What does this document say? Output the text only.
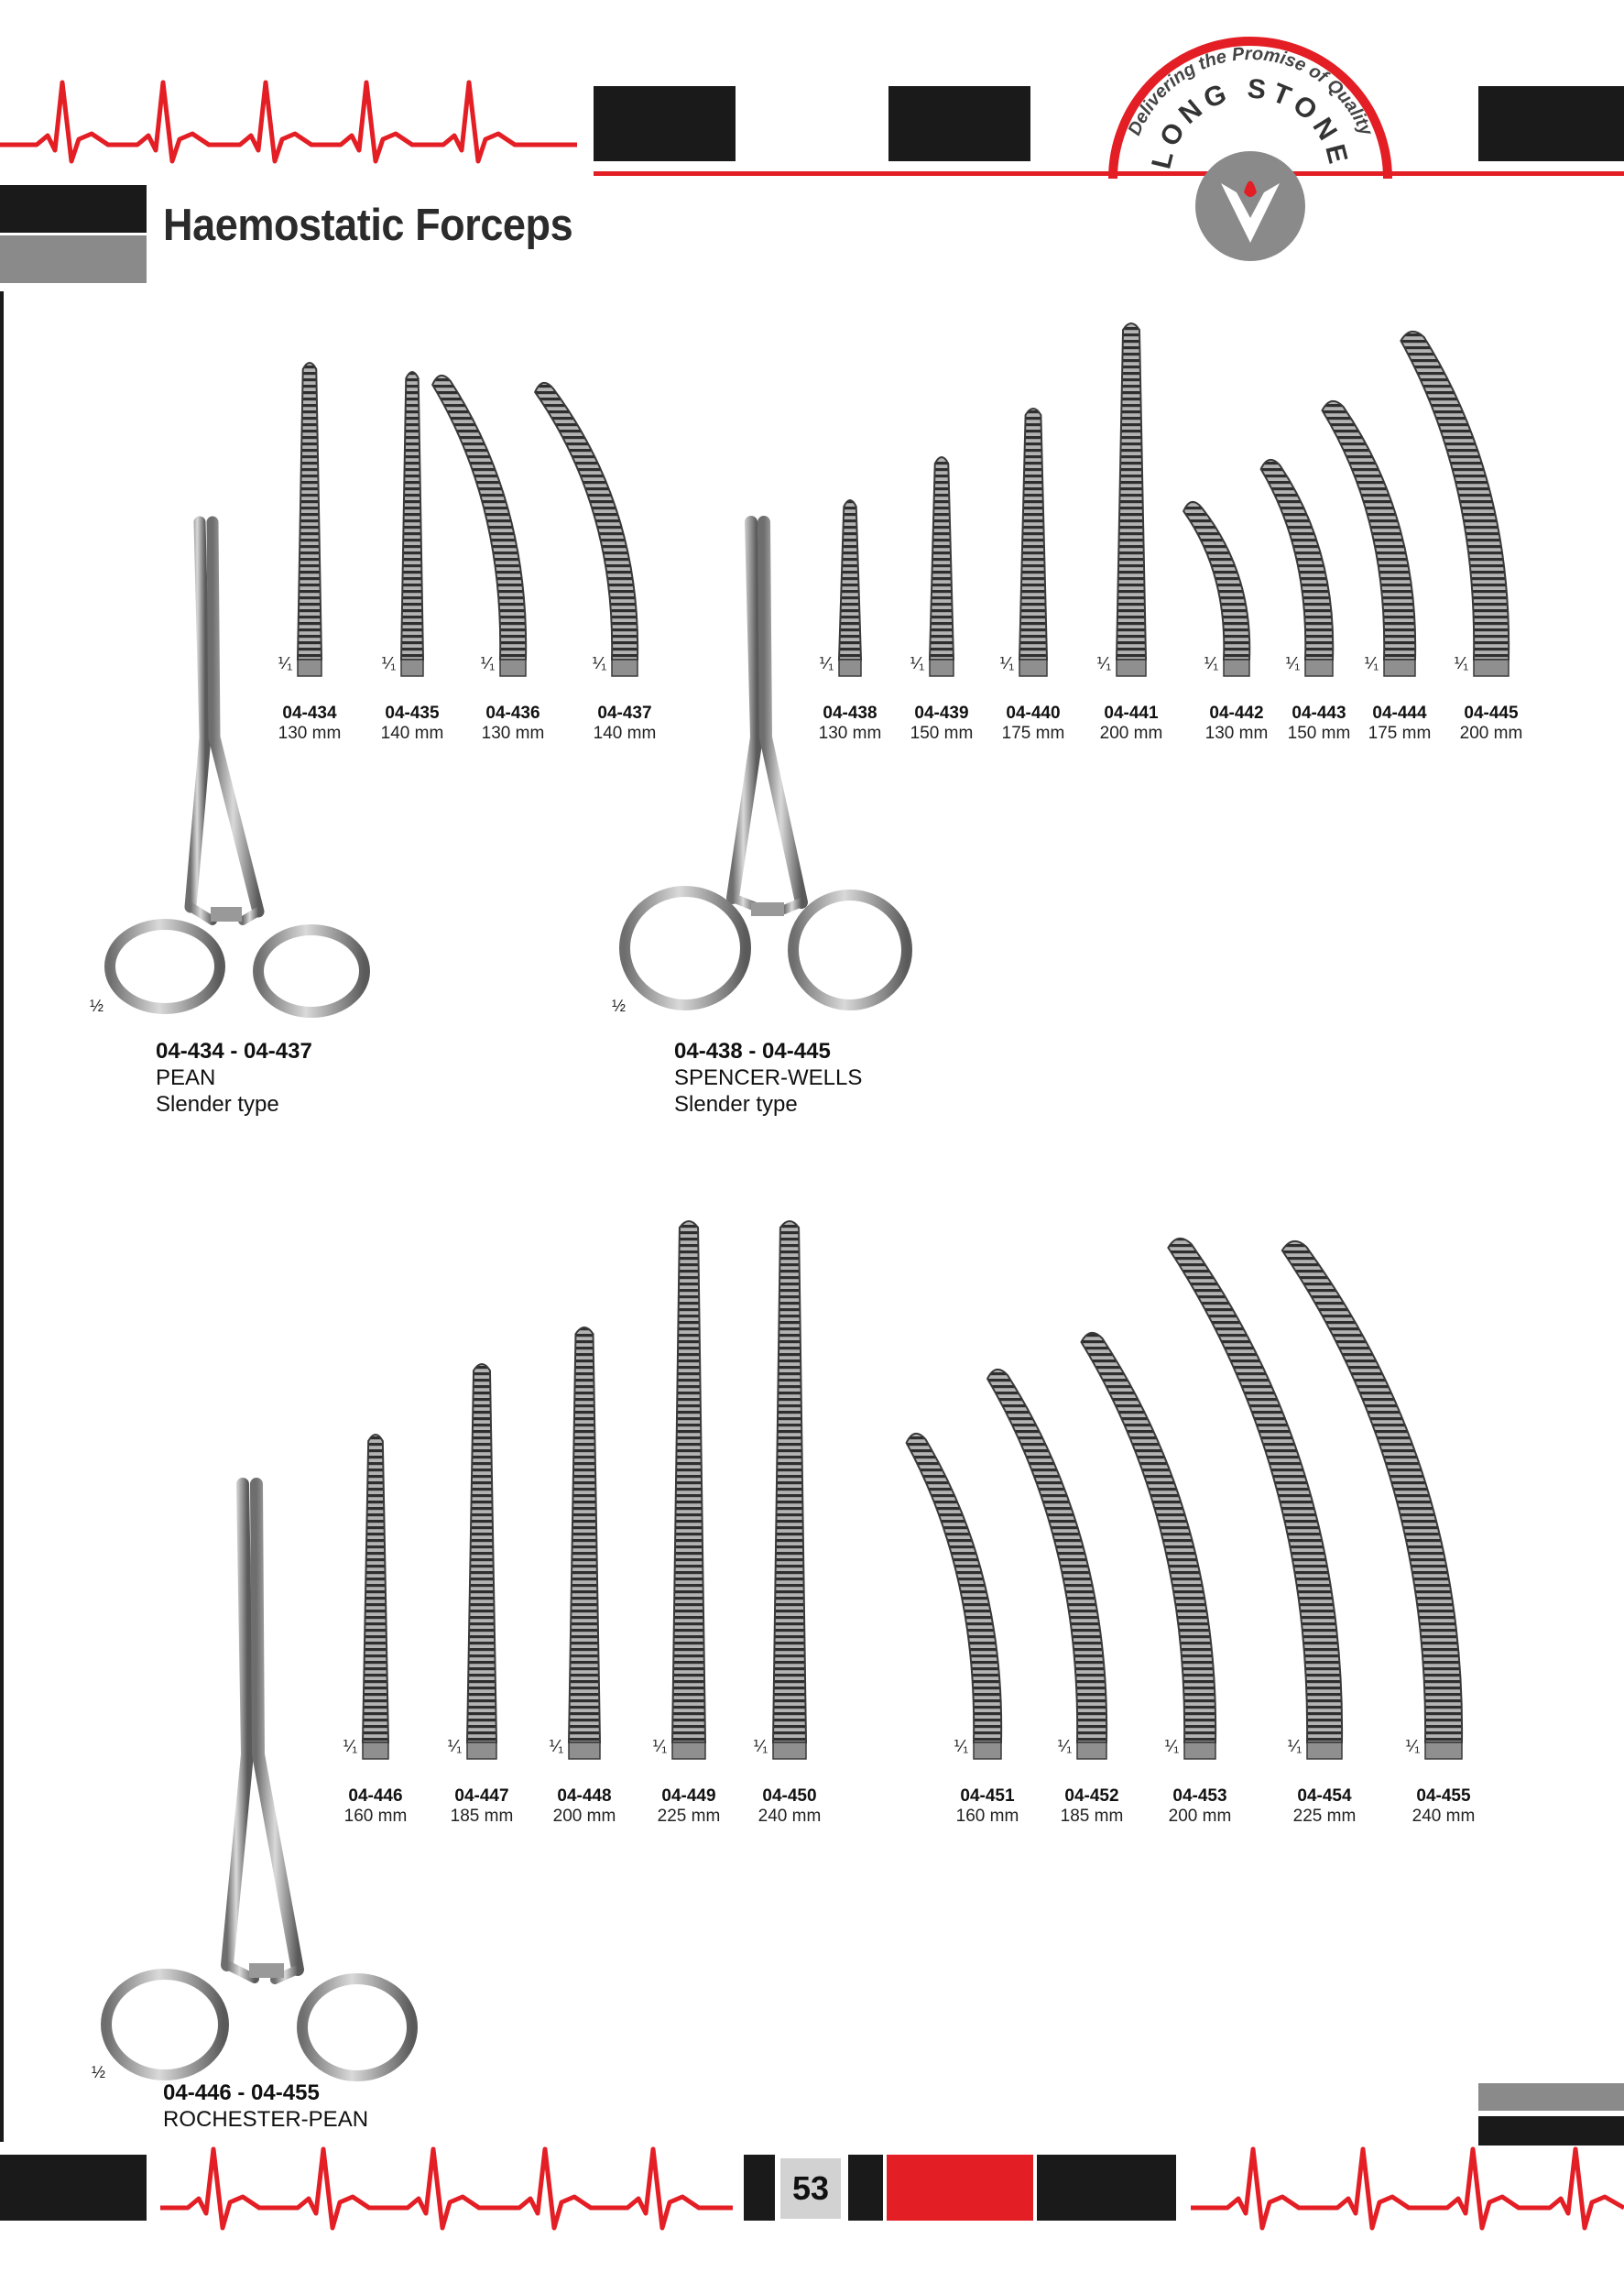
Delivering the Promise of Quality
LONG STONE
Haemostatic Forceps
½	½
½
⅟₁
04-434
130 mm
⅟₁
04-435
140 mm
⅟₁
04-436
130 mm
⅟₁
04-437
140 mm
⅟₁
04-438
130 mm
⅟₁
04-439
150 mm
⅟₁
04-440
175 mm
⅟₁
04-441
200 mm
⅟₁
04-442
130 mm
⅟₁
04-443
150 mm
⅟₁
04-444
175 mm
⅟₁
04-445
200 mm
⅟₁
04-446
160 mm
⅟₁
04-447
185 mm
⅟₁
04-448
200 mm
⅟₁
04-449
225 mm
⅟₁
04-450
240 mm
⅟₁
04-451
160 mm
⅟₁
04-452
185 mm
⅟₁
04-453
200 mm
⅟₁
04-454
225 mm
⅟₁
04-455
240 mm
04-434 - 04-437
PEAN
Slender type
04-438 - 04-445
SPENCER-WELLS
Slender type
04-446 - 04-455
ROCHESTER-PEAN
53
